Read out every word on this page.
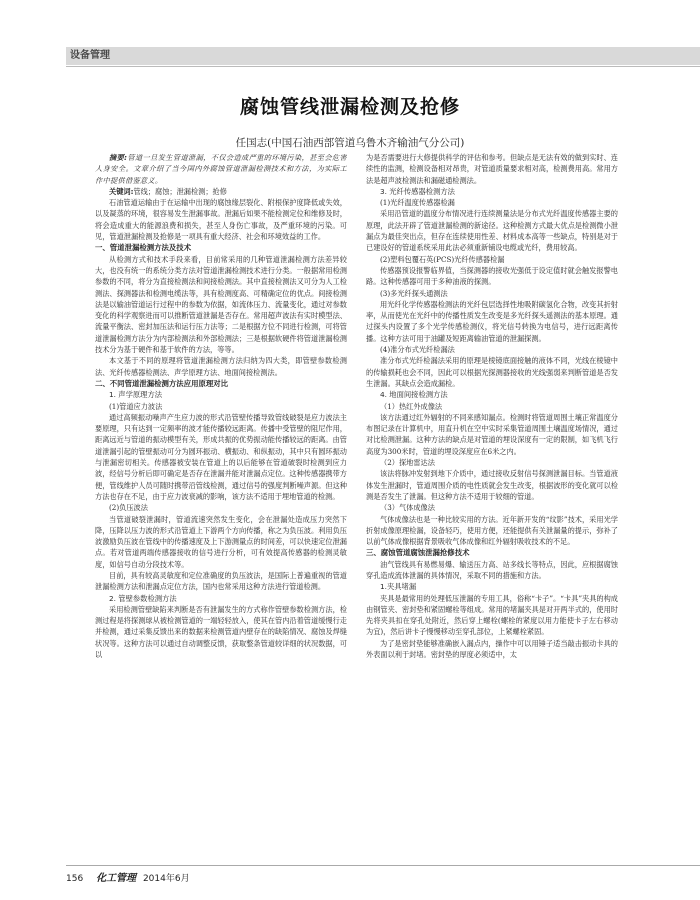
设备管理
腐蚀管线泄漏检测及抢修
任国志(中国石油西部管道乌鲁木齐输油气分公司)
摘要:管道一旦发生管道泄漏，不仅会造成严重的环境污染，甚至会危害人身安全。文章介绍了当今国内外腐蚀管道泄漏检测技术和方法，为实际工作中提供借鉴意义。
关键词:管线；腐蚀；泄漏检测；抢修
石油管道运输由于在运输中出现的腐蚀缘层裂化、附根保护度降低或失效，以及凝蒸的环境，很容易发生泄漏事故。泄漏后如果不能检测定位和维修及时，将会造成重大的能源浪费和损失，甚至人身伤亡事故，及严重环境的污染。可见，管道泄漏检测及抢修是一项具有重大经济、社会和环境效益的工作。
一、管道泄漏检测方法及技术
从检测方式和技术手段来看，目前常采用的几种管道泄漏检测方法差异较大，也没有统一的系统分类方法对管道泄漏检测技术进行分类。一般据常用检测参数的不同，将分为直接检测法和间接检测法。其中直接检测法又可分为人工检测法、探测器法和检测电缆法等，具有检测度高、可精确定位的优点。间接检测法是以输油管道运行过程中的参数为依据，如流体压力、流量变化，通过对参数变化的科学观察进而可以推断管道泄漏是否存在。常用超声波法有实时模型法、流量平衡法、密封加压法和运行压力法等；二是根据方位不同进行检测，可将管道泄漏检测方法分为内部检测法和外部检测法；三是根据软硬件将管道泄漏检测技术分为基于硬件和基于软件的方法，等等。
本文基于不同的原理将管道泄漏检测方法归纳为四大类，即管壁参数检测法、光纤传感器检测法、声学原理方法、地面间接检测法。
二、不同管道泄漏检测方法应用原理对比
1. 声学原理方法
(1)管道应力波法
通过高频振动噪声产生应力波的形式沿管壁传播导致管线破裂是应力波法主要原理，只有达到一定频率的波才能传播较远距离。传播中受管壁的阻尼作用，距离远近与管道的振动模型有关，形成共振的优势振动能传播较远的距离。由管道泄漏引起的管壁振动可分为圆环振动、横振动、和纵振动，其中只有圆环振动与泄漏密切相关。传感器被安装在管道上的以后能够在管道破裂时检测到应力波，经信号分析后即可确定是否存在泄漏并能对泄漏点定位。这种传感器携带方便，管线维护人员可随时携带沿管线检测，通过信号的强度判断噪声源。但这种方法也存在不足，由于应力波衰减的影响，该方法不适用于埋地管道的检测。
(2)负压波法
当管道破裂泄漏时，管道流速突然发生变化，会在泄漏处造成压力突然下降，压降以压力波的形式沿管道上下游两个方向传播，称之为负压波。利用负压波激励负压波在管线中的传播速度及上下游测量点的时间差，可以快速定位泄漏点。若对管道两端传感器接收的信号进行分析，可有效提高传感器的检测灵敏度，如信号自动分段技术等。
目前，具有较高灵敏度和定位准确度的负压波法，是国际上普遍重视的管道泄漏检测方法和泄漏点定位方法，国内也常采用这种方法进行管道检测。
2. 管壁参数检测方法
采用检测管壁缺陷来判断是否有泄漏发生的方式称作管壁参数检测方法，检测过程是将探测球从被检测管道的一端轻轻放入，使其在管内沿着管道缓慢行走并检测，通过采集反馈出来的数据来检测管道内壁存在的缺陷情况、腐蚀及焊缝状况等。这种方法可以通过自动调整反馈，获取整条管道较详细的状况数据，可以
为是否需要进行大修提供科学的评估和参考。但缺点是无法有效的做到实时、连续性的监测，检测设备相对昂贵，对管道质量要求相对高，检测费用高。常用方法是超声波检测法和漏磁通检测法。
3. 光纤传感器检测方法
(1)光纤温度传感器检漏
采用沿管道的温度分布情况进行连续测量法是分布式光纤温度传感器主要的原理，此法开辟了管道泄漏检测的新途径。这种检测方式最大优点是检测微小泄漏点为最佳突出点，但存在连续使用性差、材料成本高等一些缺点，特别是对于已建设好的管道系统采用此法必须重新铺设电缆或光纤，费用较高。
(2)塑料包覆石英(PCS)光纤传感器检漏
传感器预设报警临界值，当探测器的接收光强低于设定值时就会触发报警电路。这种传感器可用于多种油液的探测。
(3)多光纤探头通测法
用光纤化学传感器检测法的光纤包层选择性地吸附碳氢化合物，改变其折射率，从而使光在光纤中的传播性质发生改变是多光纤探头遥测法的基本原理。通过探头内设置了多个光学传感检测仪，将光信号转换为电信号，进行远距离传播。这种方法可用于油罐及短距离输油管道的泄漏探测。
(4)准分布式光纤检漏法
准分布式光纤检漏法采用的原理是棱镜底面接触的液体不同，光线在棱镜中的传输损耗也会不同，因此可以根据光探测器接收的光线强弱来判断管道是否发生泄漏。其缺点会造成漏检。
4. 地面间接检测方法
（1）热红外成像法
该方法通过红外辐射的不同来感知漏点。检测时将管道周围土壤正常温度分布图记录在计算机中，用直升机在空中实时采集管道周围土壤温度场情况，通过对比检测泄漏。这种方法的缺点是对管道的埋设深度有一定的限制，如飞机飞行高度为300米时，管道的埋设深度应在6米之内。
（2）探地雷达法
该法将脉冲发射到地下介质中，通过接收反射信号探测泄漏目标。当管道液体发生泄漏时，管道周围介质的电性质就会发生改变，根据波形的变化就可以检测是否发生了泄漏。但这种方法不适用于较细的管道。
（3）气体成像法
气体成像法也是一种比较实用的方法。近年新开发的“纹影”技术，采用光学折射成像原理检漏，设备轻巧，使用方便，还能提供有关泄漏量的提示，弥补了以前气体成像根据背景吸收气体成像和红外辐射吸收技术的不足。
三、腐蚀管道腐蚀泄漏抢修技术
油气管线具有易燃易爆、输送压力高、站多线长等特点，因此，应根据腐蚀穿孔造成流体泄漏的具体情况，采取不同的措施和方法。
1.夹具堵漏
夹具是最常用的处理低压泄漏的专用工具，俗称“卡子”。“卡具”夹具的构成由钢管夹、密封垫和紧固螺栓等组成。常用的堵漏夹具是对开两半式的，使用时先将夹具扣在穿孔处附近，然后穿上螺栓(螺栓的紧度以用力能使卡子左右移动为宜)，然后讲卡子慢慢移动至穿孔部位，上紧螺栓紧固。
为了是密封垫能够准确嵌入漏点内，操作中可以用锤子适当敲击振动卡具的外表面以利于封堵。密封垫的厚度必须适中，太
156 化工管理 2014年6月
